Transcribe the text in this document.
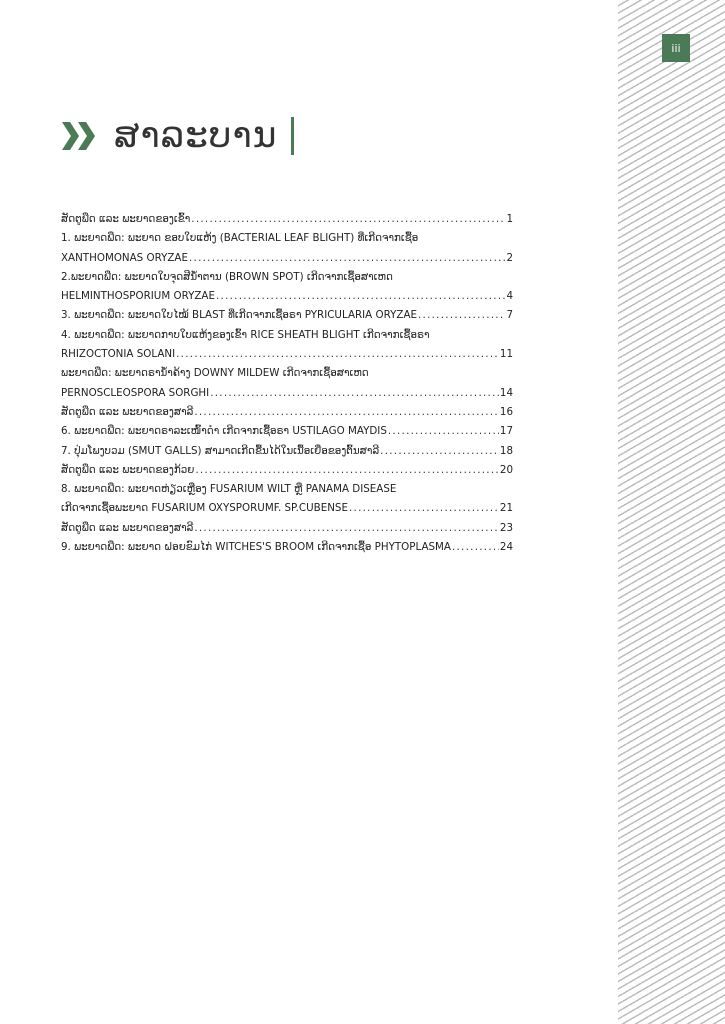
iii
ສາລະບານ
ສັດຕູພືດ ແລະ ພະຍາດຂອງເຂົ້າ . . .	1
1. ພະຍາດພືດ: ພະຍາດ ຂອບໃບແຫ້ງ (BACTERIAL LEAF BLIGHT) ທີ່ເກີດຈາກເຊື້ອ
XANTHOMONAS ORYZAE . . .	2
2.ພະຍາດພືດ: ພະຍາດໃບຈຸດສີນ້ຳຕານ (BROWN SPOT) ເກີດຈາກເຊື້ອສາເຫດ
HELMINTHOSPORIUM ORYZAE . . .	4
3. ພະຍາດພືດ: ພະຍາດໃບໄໝ້ BLAST ທີ່ເກີດຈາກເຊື້ອຣາ PYRICULARIA ORYZAE . . .	7
4. ພະຍາດພືດ: ພະຍາດກາບໃບແຫ້ງຂອງເຂົ້າ RICE SHEATH BLIGHT ເກີດຈາກເຊື້ອຣາ
RHIZOCTONIA SOLANI . . .	11
ພະຍາດພືດ: ພະຍາດຣານ້ຳຄ້າງ DOWNY MILDEW ເກີດຈາກເຊື້ອສາເຫດ
PERNOSCLEOSPORA SORGHI . . .	14
ສັດຕູພືດ ແລະ ພະຍາດຂອງສາລີ . . .	16
6. ພະຍາດພືດ: ພະຍາດຣາລະເໜົ້າດຳ ເກີດຈາກເຊື້ອຣາ USTILAGO MAYDIS . . .	17
7. ປຸ່ມໂພງບວມ (SMUT GALLS) ສາມາດເກີດຂື້ນໄດ້ໃນເນື້ອເຍື່ອຂອງຕົ້ນສາລີ . . .	18
ສັດຕູພືດ ແລະ ພະຍາດຂອງກ້ວຍ . . .	20
8. ພະຍາດພືດ: ພະຍາດຫ່ຽວເຫຼືອງ FUSARIUM WILT ຫຼື PANAMA DISEASE
ເກີດຈາກເຊື້ອພະຍາດ FUSARIUM OXYSPORUMF. SP.CUBENSE . . .	21
ສັດຕູພືດ ແລະ ພະຍາດຂອງສາລີ . . .	23
9. ພະຍາດພືດ: ພະຍາດ ຝອຍຂົມໄກ່ WITCHES'S BROOM ເກີດຈາກເຊື້ອ PHYTOPLASMA . . .	24
